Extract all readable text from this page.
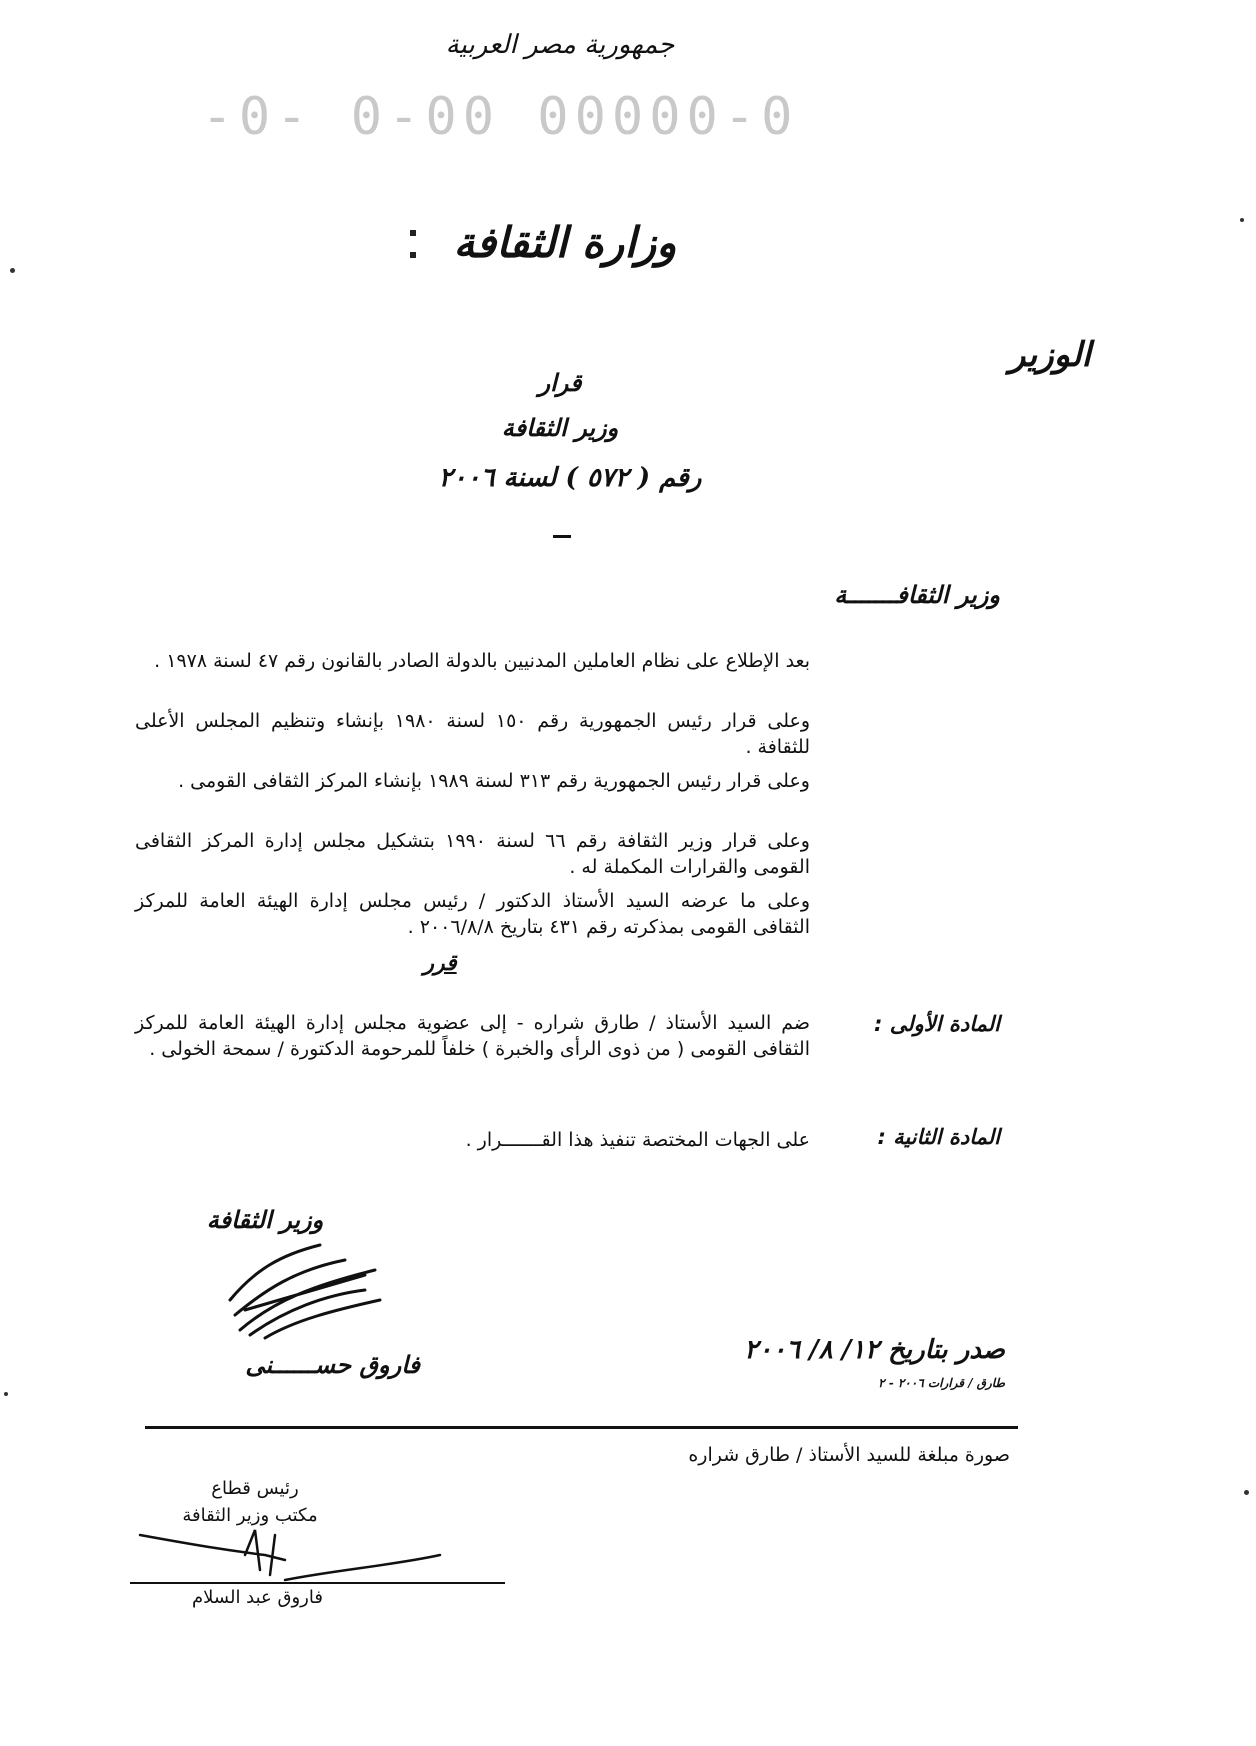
جمهورية مصر العربية
-0- 0-00 00000-0
وزارة الثقافة
الوزير
قرار
وزير الثقافة
رقم ( ٥٧٢ ) لسنة ٢٠٠٦
وزير الثقافـــــــة
بعد الإطلاع على نظام العاملين المدنيين بالدولة الصادر بالقانون رقم ٤٧ لسنة ١٩٧٨ .
وعلى قرار رئيس الجمهورية رقم ١٥٠ لسنة ١٩٨٠ بإنشاء وتنظيم المجلس الأعلى للثقافة .
وعلى قرار رئيس الجمهورية رقم ٣١٣ لسنة ١٩٨٩ بإنشاء المركز الثقافى القومى .
وعلى قرار وزير الثقافة رقم ٦٦ لسنة ١٩٩٠ بتشكيل مجلس إدارة المركز الثقافى القومى والقرارات المكملة له .
وعلى ما عرضه السيد الأستاذ الدكتور / رئيس مجلس إدارة الهيئة العامة للمركز الثقافى القومى بمذكرته رقم ٤٣١ بتاريخ ٢٠٠٦/٨/٨ .
قرر
المادة الأولى :
ضم السيد الأستاذ / طارق شراره - إلى عضوية مجلس إدارة الهيئة العامة للمركز الثقافى القومى ( من ذوى الرأى والخبرة ) خلفاً للمرحومة الدكتورة / سمحة الخولى .
المادة الثانية :
على الجهات المختصة تنفيذ هذا القـــــــرار .
وزير الثقافة
فاروق حســــــنى	صدر بتاريخ ١٢/ ٨/ ٢٠٠٦
طارق / قرارات ٢٠٠٦ - ٢
صورة مبلغة للسيد الأستاذ / طارق شراره
رئيس قطاع
مكتب وزير الثقافة
فاروق عبد السلام
